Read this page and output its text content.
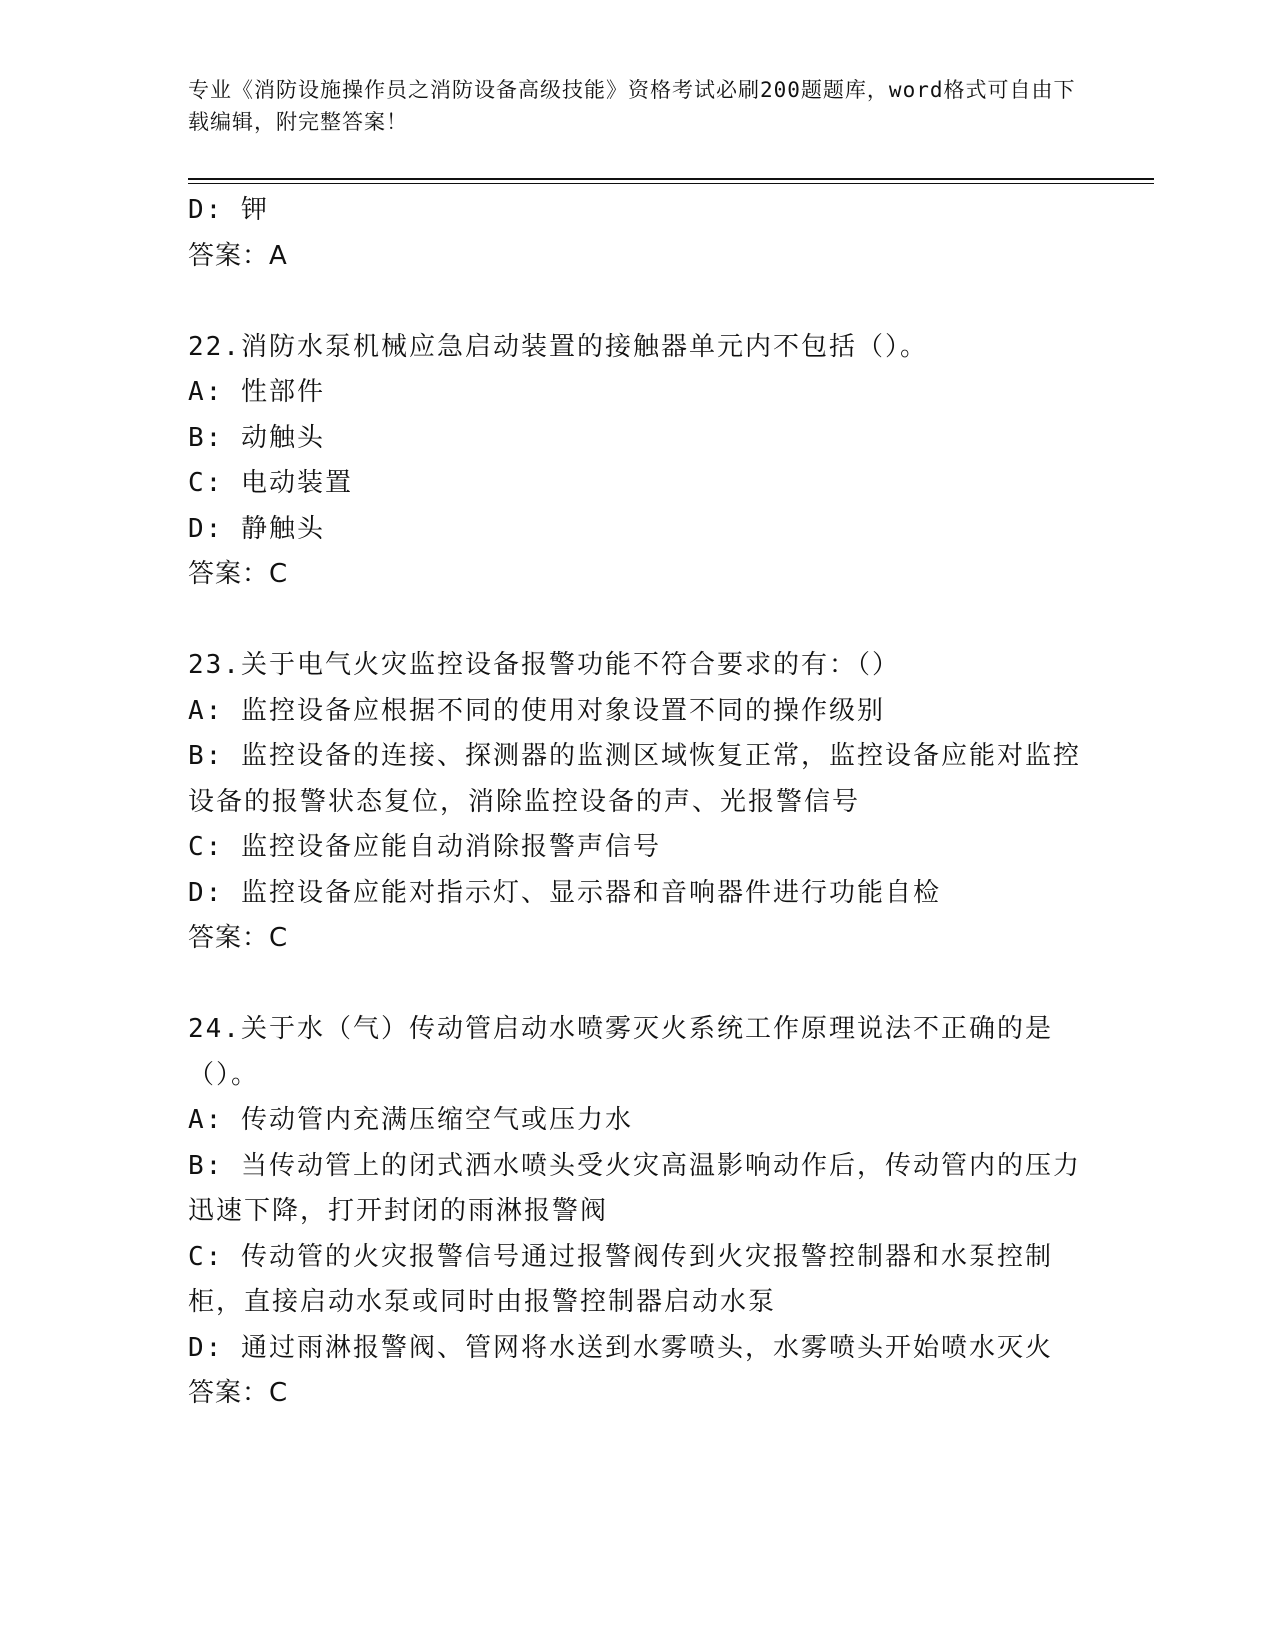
专业《消防设施操作员之消防设备高级技能》资格考试必刷200题题库，word格式可自由下载编辑，附完整答案！
D: 钾
答案：A
22.消防水泵机械应急启动装置的接触器单元内不包括（）。
A: 性部件
B: 动触头
C: 电动装置
D: 静触头
答案：C
23.关于电气火灾监控设备报警功能不符合要求的有：（）
A: 监控设备应根据不同的使用对象设置不同的操作级别
B: 监控设备的连接、探测器的监测区域恢复正常，监控设备应能对监控设备的报警状态复位，消除监控设备的声、光报警信号
C: 监控设备应能自动消除报警声信号
D: 监控设备应能对指示灯、显示器和音响器件进行功能自检
答案：C
24.关于水（气）传动管启动水喷雾灭火系统工作原理说法不正确的是（）。
A: 传动管内充满压缩空气或压力水
B: 当传动管上的闭式洒水喷头受火灾高温影响动作后，传动管内的压力迅速下降，打开封闭的雨淋报警阀
C: 传动管的火灾报警信号通过报警阀传到火灾报警控制器和水泵控制柜，直接启动水泵或同时由报警控制器启动水泵
D: 通过雨淋报警阀、管网将水送到水雾喷头，水雾喷头开始喷水灭火
答案：C
